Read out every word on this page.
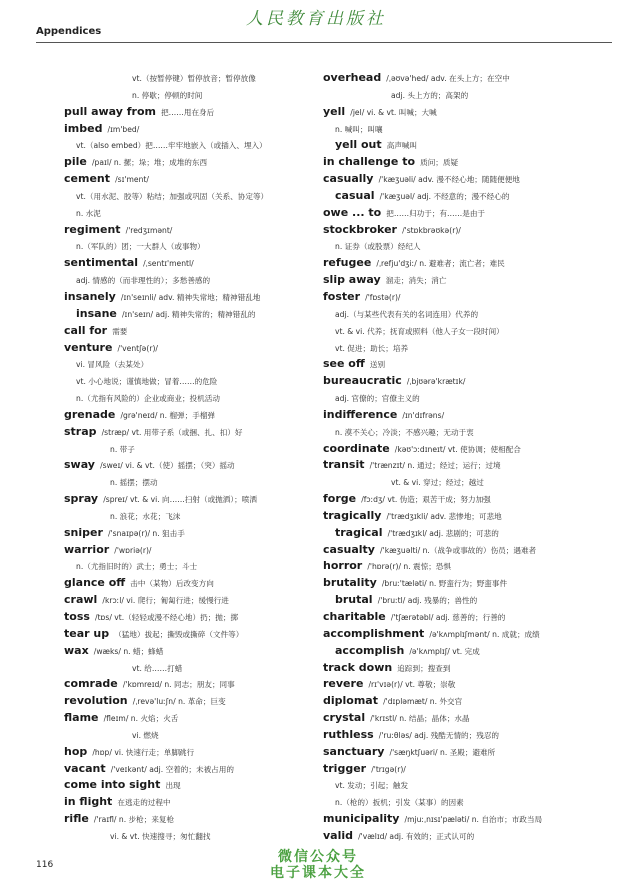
人民教育出版社
Appendices
vt.（按暂停键）暂停放音；暂停放像
n. 停歇；停顿的时间
pull away from 把……甩在身后
imbed /ɪm'bed/
vt.（also embed）把……牢牢地嵌入（或插入、埋入）
pile /paɪl/ n. 摞；垛；堆；成堆的东西
cement /sɪ'ment/
vt.（用水泥、胶等）粘结；加强或巩固（关系、协定等）
n. 水泥
regiment /'redʒɪmənt/
n.（军队的）团；一大群人（或事物）
sentimental /ˌsentɪ'mentl/
adj. 情感的（而非理性的）；多愁善感的
insanely /ɪn'seɪnli/ adv. 精神失常地；精神错乱地
insane /ɪn'seɪn/ adj. 精神失常的；精神错乱的
call for 需要
venture /'ventʃə(r)/
vi. 冒风险（去某处）
vt. 小心地说；谨慎地做；冒着……的危险
n.（尤指有风险的）企业或商业；投机活动
grenade /grə'neɪd/ n. 榴弹；手榴弹
strap /stræp/ vt. 用带子系（或捆、扎、扣）好
n. 带子
sway /sweɪ/ vi. & vt.（使）摇摆；（突）摇动
n. 摇摆；摆动
spray /spreɪ/ vt. & vi. 向……扫射（或抛洒）；喷洒
n. 浪花；水花；飞沫
sniper /'snaɪpə(r)/ n. 狙击手
warrior /'wɒriə(r)/
n.（尤指旧时的）武士；勇士；斗士
glance off 击中（某物）后改变方向
crawl /krɔːl/ vi. 爬行；匍匐行进；缓慢行进
toss /tɒs/ vt.（轻轻或漫不经心地）扔；抛；掷
tear up （猛地）拔起；撕毁或撕碎（文件等）
wax /wæks/ n. 蜡；蜂蜡
vt. 给……打蜡
comrade /'kɒmreɪd/ n. 同志；朋友；同事
revolution /ˌrevə'luːʃn/ n. 革命；巨变
flame /fleɪm/ n. 火焰；火舌
vi. 燃烧
hop /hɒp/ vi. 快速行走；单脚跳行
vacant /'veɪkənt/ adj. 空着的；未被占用的
come into sight 出现
in flight 在逃走的过程中
rifle /'raɪfl/ n. 步枪；来复枪
vi. & vt. 快速搜寻；匆忙翻找
overhead /ˌəʊvə'hed/ adv. 在头上方；在空中
adj. 头上方的；高架的
yell /jel/ vi. & vt. 叫喊；大喊
n. 喊叫；叫嚷
yell out 高声喊叫
in challenge to 质问；质疑
casually /'kæʒuəli/ adv. 漫不经心地；随随便便地
casual /'kæʒuəl/ adj. 不经意的；漫不经心的
owe ... to 把……归功于；有……是由于
stockbroker /'stɒkbrəʊkə(r)/
n. 证券（或股票）经纪人
refugee /ˌrefju'dʒiː/ n. 避难者；流亡者；难民
slip away 溜走；消失；消亡
foster /'fɒstə(r)/
adj.（与某些代表有关的名词连用）代养的
vt. & vi. 代养；抚育或照料（他人子女一段时间）
vt. 促进；助长；培养
see off 送别
bureaucratic /ˌbjʊərə'krætɪk/
adj. 官僚的；官僚主义的
indifference /ɪn'dɪfrəns/
n. 漠不关心；冷淡；不感兴趣；无动于衷
coordinate /kəʊ'ɔːdɪneɪt/ vt. 使协调；使相配合
transit /'trænzɪt/ n. 通过；经过；运行；过境
vt. & vi. 穿过；经过；越过
forge /fɔːdʒ/ vt. 伪造；艰苦干成；努力加强
tragically /'trædʒɪkli/ adv. 悲惨地；可悲地
tragical /'trædʒɪkl/ adj. 悲剧的；可悲的
casualty /'kæʒuəlti/ n.（战争或事故的）伤员；遇难者
horror /'hɒrə(r)/ n. 震惊；恐惧
brutality /bruː'tæləti/ n. 野蛮行为；野蛮事件
brutal /'bruːtl/ adj. 残暴的；兽性的
charitable /'tʃærətəbl/ adj. 慈善的；行善的
accomplishment /ə'kʌmplɪʃmənt/ n. 成就；成绩
accomplish /ə'kʌmplɪʃ/ vt. 完成
track down 追踪到；搜查到
revere /rɪ'vɪə(r)/ vt. 尊敬；崇敬
diplomat /'dɪpləmæt/ n. 外交官
crystal /'krɪstl/ n. 结晶；晶体；水晶
ruthless /'ruːθləs/ adj. 残酷无情的；残忍的
sanctuary /'sæŋktʃuəri/ n. 圣殿；避难所
trigger /'trɪgə(r)/
vt. 发动；引起；触发
n.（枪的）扳机；引发（某事）的因素
municipality /mjuːˌnɪsɪ'pæləti/ n. 自治市；市政当局
valid /'vælɪd/ adj. 有效的；正式认可的
116	微信公众号
电子课本大全
